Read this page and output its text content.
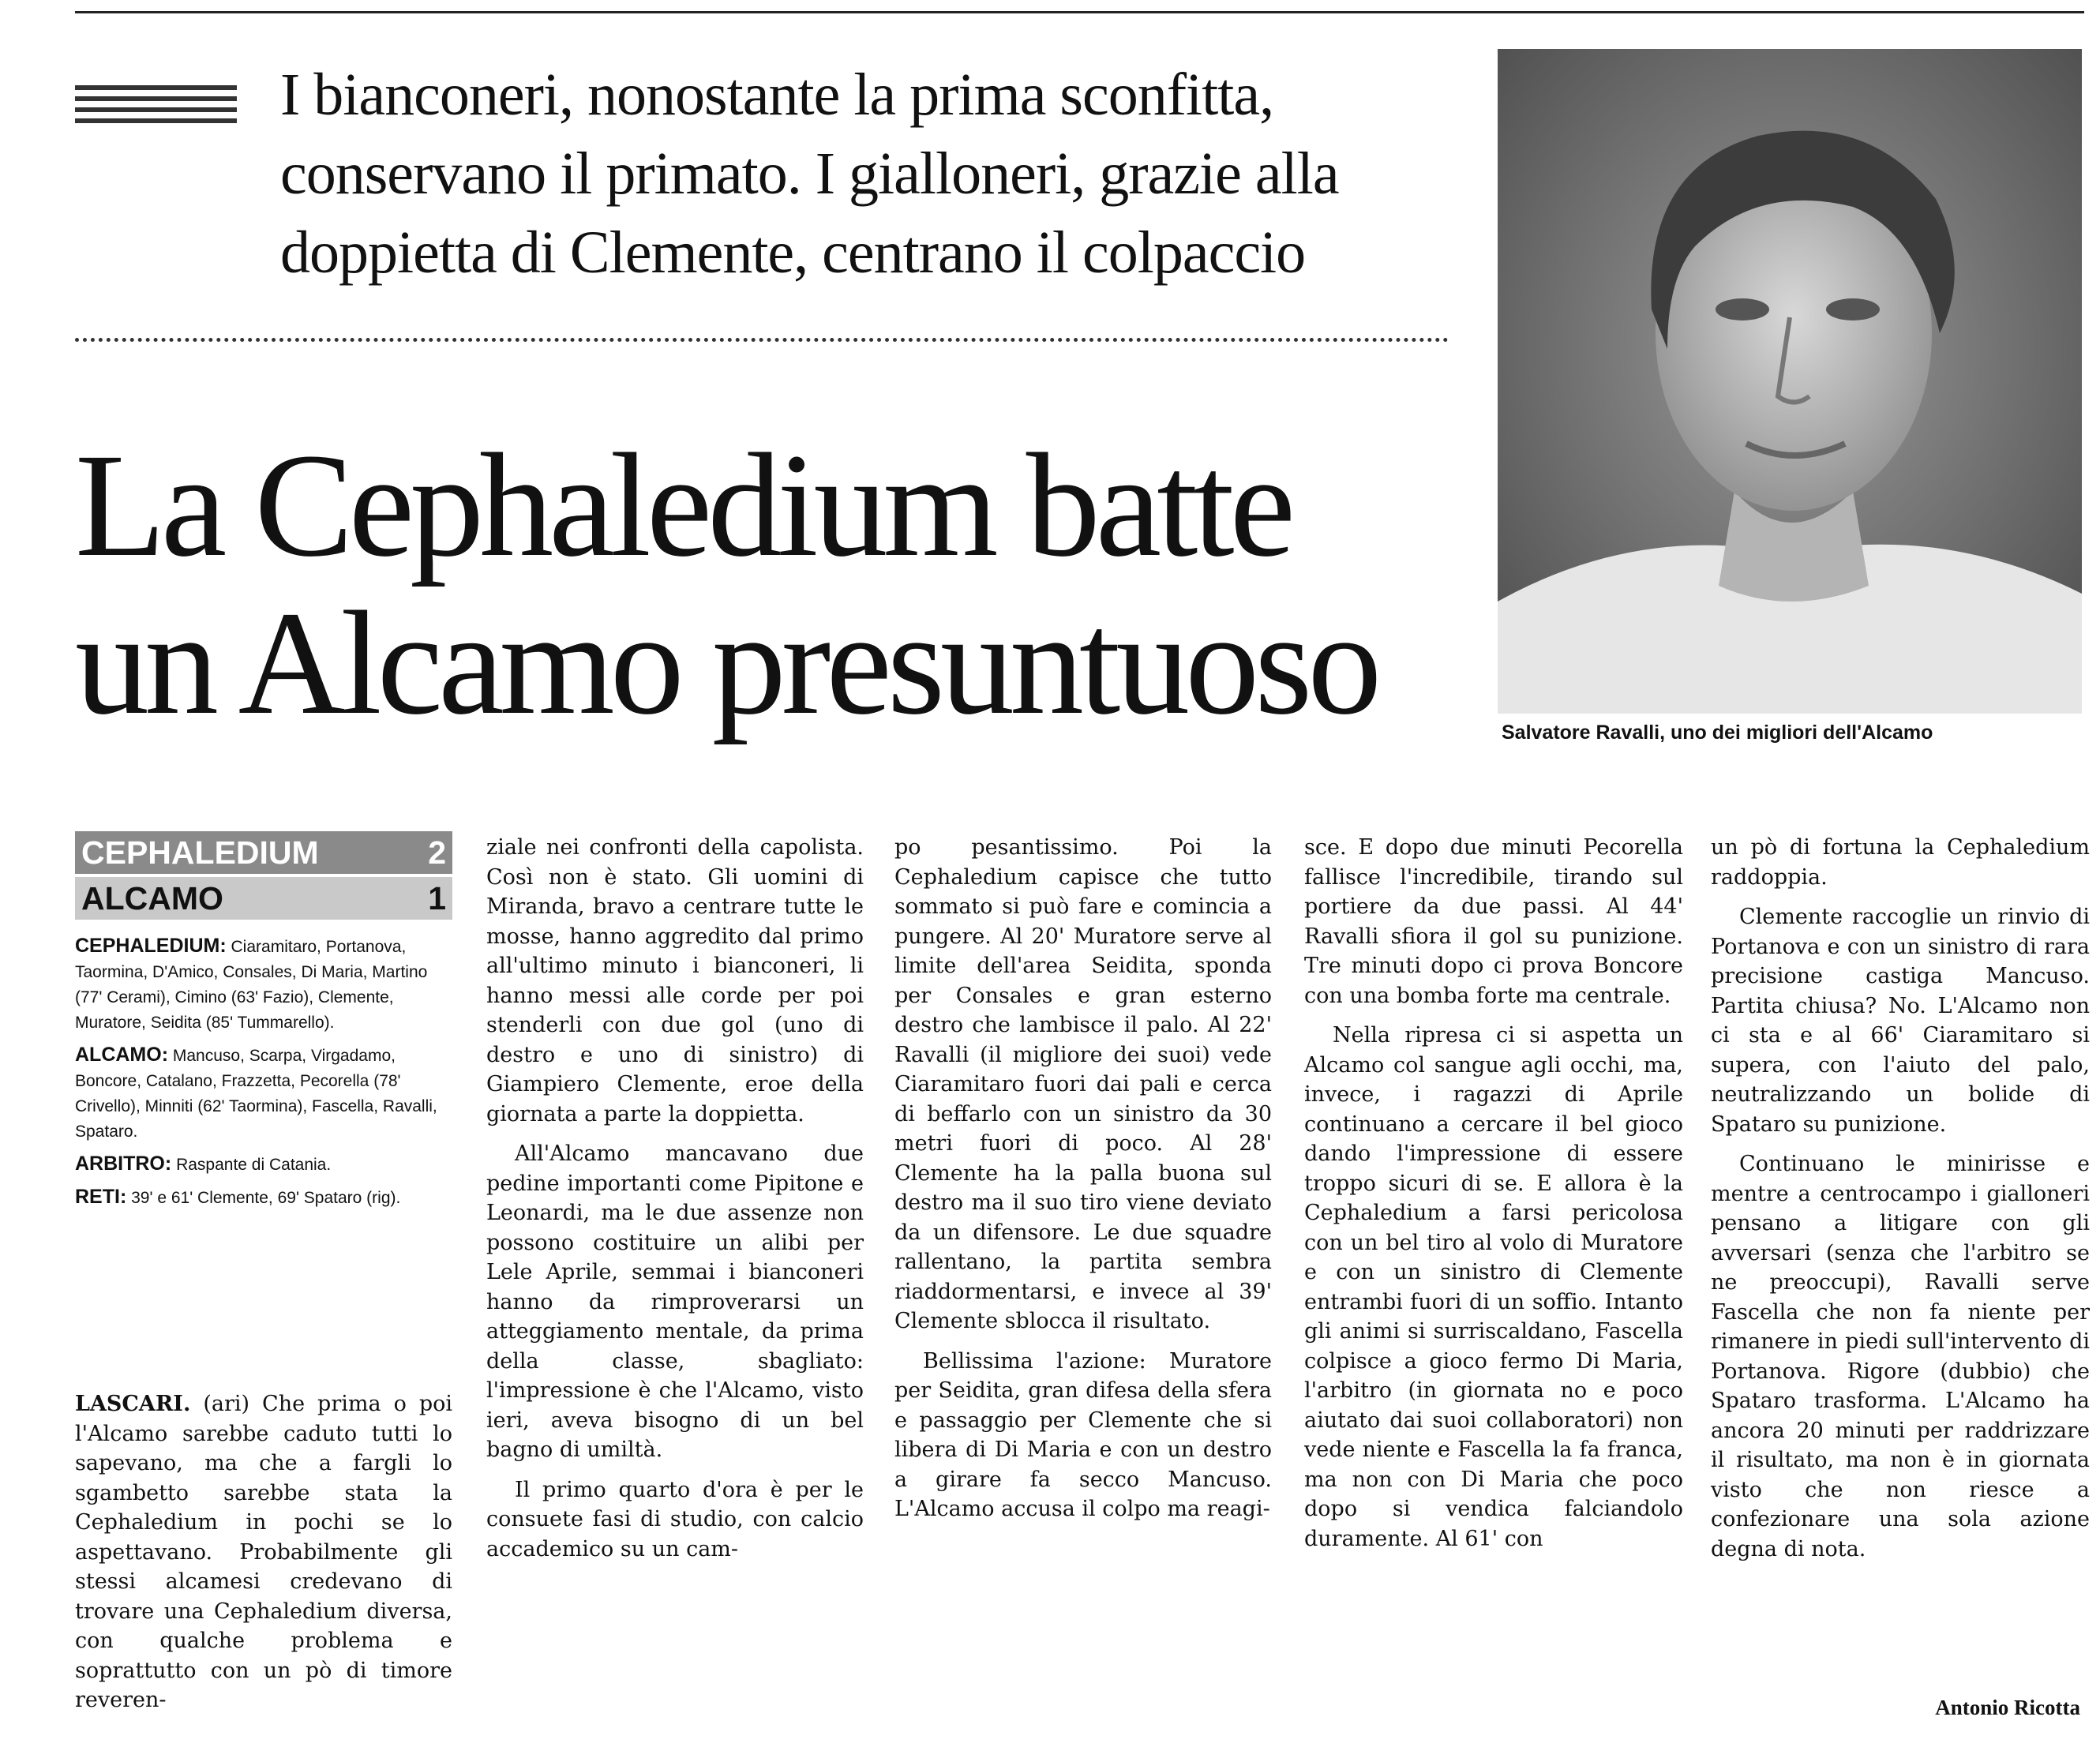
I bianconeri, nonostante la prima sconfitta,
conservano il primato. I gialloneri, grazie alla
doppietta di Clemente, centrano il colpaccio
La Cephaledium batte
un Alcamo presuntuoso	Salvatore Ravalli, uno dei migliori dell'Alcamo
CEPHALEDIUM	2
ALCAMO	1

CEPHALEDIUM: Ciaramitaro, Portanova, Taormina, D'Amico, Consales, Di Maria, Martino (77' Cerami), Cimino (63' Fazio), Clemente, Muratore, Seidita (85' Tummarello).

ALCAMO: Mancuso, Scarpa, Virgadamo, Boncore, Catalano, Frazzetta, Pecorella (78' Crivello), Minniti (62' Taormina), Fascella, Ravalli, Spataro.

ARBITRO: Raspante di Catania.

RETI: 39' e 61' Clemente, 69' Spataro (rig).

LASCARI. (ari) Che prima o poi l'Alcamo sarebbe caduto tutti lo sapevano, ma che a fargli lo sgambetto sarebbe stata la Cephaledium in pochi se lo aspettavano. Probabilmente gli stessi alcamesi credevano di trovare una Cephaledium diversa, con qualche problema e soprattutto con un pò di timore reveren-

ziale nei confronti della capolista. Così non è stato. Gli uomini di Miranda, bravo a centrare tutte le mosse, hanno aggredito dal primo all'ultimo minuto i bianconeri, li hanno messi alle corde per poi stenderli con due gol (uno di destro e uno di sinistro) di Giampiero Clemente, eroe della giornata a parte la doppietta.

All'Alcamo mancavano due pedine importanti come Pipitone e Leonardi, ma le due assenze non possono costituire un alibi per Lele Aprile, semmai i bianconeri hanno da rimproverarsi un atteggiamento mentale, da prima della classe, sbagliato: l'impressione è che l'Alcamo, visto ieri, aveva bisogno di un bel bagno di umiltà.

Il primo quarto d'ora è per le consuete fasi di studio, con calcio accademico su un cam-

po pesantissimo. Poi la Cephaledium capisce che tutto sommato si può fare e comincia a pungere. Al 20' Muratore serve al limite dell'area Seidita, sponda per Consales e gran esterno destro che lambisce il palo. Al 22' Ravalli (il migliore dei suoi) vede Ciaramitaro fuori dai pali e cerca di beffarlo con un sinistro da 30 metri fuori di poco. Al 28' Clemente ha la palla buona sul destro ma il suo tiro viene deviato da un difensore. Le due squadre rallentano, la partita sembra riaddormentarsi, e invece al 39' Clemente sblocca il risultato.

Bellissima l'azione: Muratore per Seidita, gran difesa della sfera e passaggio per Clemente che si libera di Di Maria e con un destro a girare fa secco Mancuso. L'Alcamo accusa il colpo ma reagi-

sce. E dopo due minuti Pecorella fallisce l'incredibile, tirando sul portiere da due passi. Al 44' Ravalli sfiora il gol su punizione. Tre minuti dopo ci prova Boncore con una bomba forte ma centrale.

Nella ripresa ci si aspetta un Alcamo col sangue agli occhi, ma, invece, i ragazzi di Aprile continuano a cercare il bel gioco dando l'impressione di essere troppo sicuri di se. E allora è la Cephaledium a farsi pericolosa con un bel tiro al volo di Muratore e con un sinistro di Clemente entrambi fuori di un soffio. Intanto gli animi si surriscaldano, Fascella colpisce a gioco fermo Di Maria, l'arbitro (in giornata no e poco aiutato dai suoi collaboratori) non vede niente e Fascella la fa franca, ma non con Di Maria che poco dopo si vendica falciandolo duramente. Al 61' con

un pò di fortuna la Cephaledium raddoppia.

Clemente raccoglie un rinvio di Portanova e con un sinistro di rara precisione castiga Mancuso. Partita chiusa? No. L'Alcamo non ci sta e al 66' Ciaramitaro si supera, con l'aiuto del palo, neutralizzando un bolide di Spataro su punizione.

Continuano le minirisse e mentre a centrocampo i gialloneri pensano a litigare con gli avversari (senza che l'arbitro se ne preoccupi), Ravalli serve Fascella che non fa niente per rimanere in piedi sull'intervento di Portanova. Rigore (dubbio) che Spataro trasforma. L'Alcamo ha ancora 20 minuti per raddrizzare il risultato, ma non è in giornata visto che non riesce a confezionare una sola azione degna di nota.

Antonio Ricotta
